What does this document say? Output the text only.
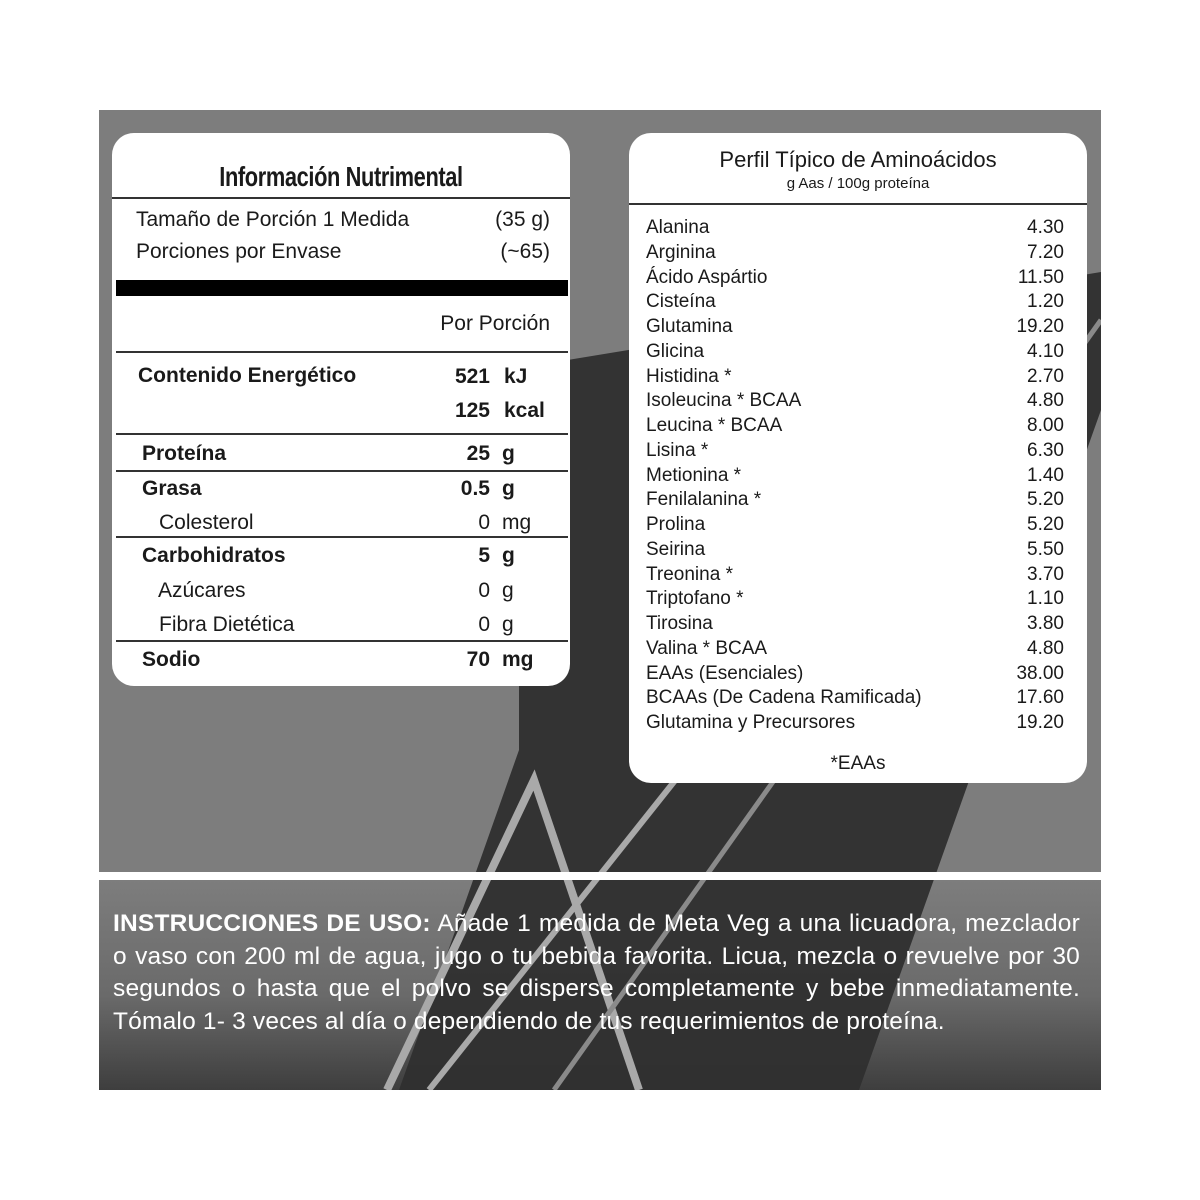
Información Nutrimental
Tamaño de Porción 1 Medida	(35 g)
Porciones por Envase	(~65)
Por Porción
Contenido Energético	521 kJ
125 kcal
Proteína	25 g
Grasa	0.5 g
Colesterol	0 mg
Carbohidratos	5 g
Azúcares	0 g
Fibra Dietética	0 g
Sodio	70 mg
Perfil Típico de Aminoácidos
g Aas / 100g proteína
Alanina	4.30
Arginina	7.20
Ácido Aspártio	11.50
Cisteína	1.20
Glutamina	19.20
Glicina	4.10
Histidina *	2.70
Isoleucina * BCAA	4.80
Leucina * BCAA	8.00
Lisina *	6.30
Metionina *	1.40
Fenilalanina *	5.20
Prolina	5.20
Seirina	5.50
Treonina *	3.70
Triptofano *	1.10
Tirosina	3.80
Valina * BCAA	4.80
EAAs (Esenciales)	38.00
BCAAs (De Cadena Ramificada)	17.60
Glutamina y Precursores	19.20
*EAAs
INSTRUCCIONES DE USO: Añade 1 medida de Meta Veg a una licuadora, mezclador o vaso con 200 ml de agua, jugo o tu bebida favorita. Licua, mezcla o revuelve por 30 segundos o hasta que el polvo se disperse completamente y bebe inmediatamente. Tómalo 1- 3 veces al día o dependiendo de tus requerimientos de proteína.
